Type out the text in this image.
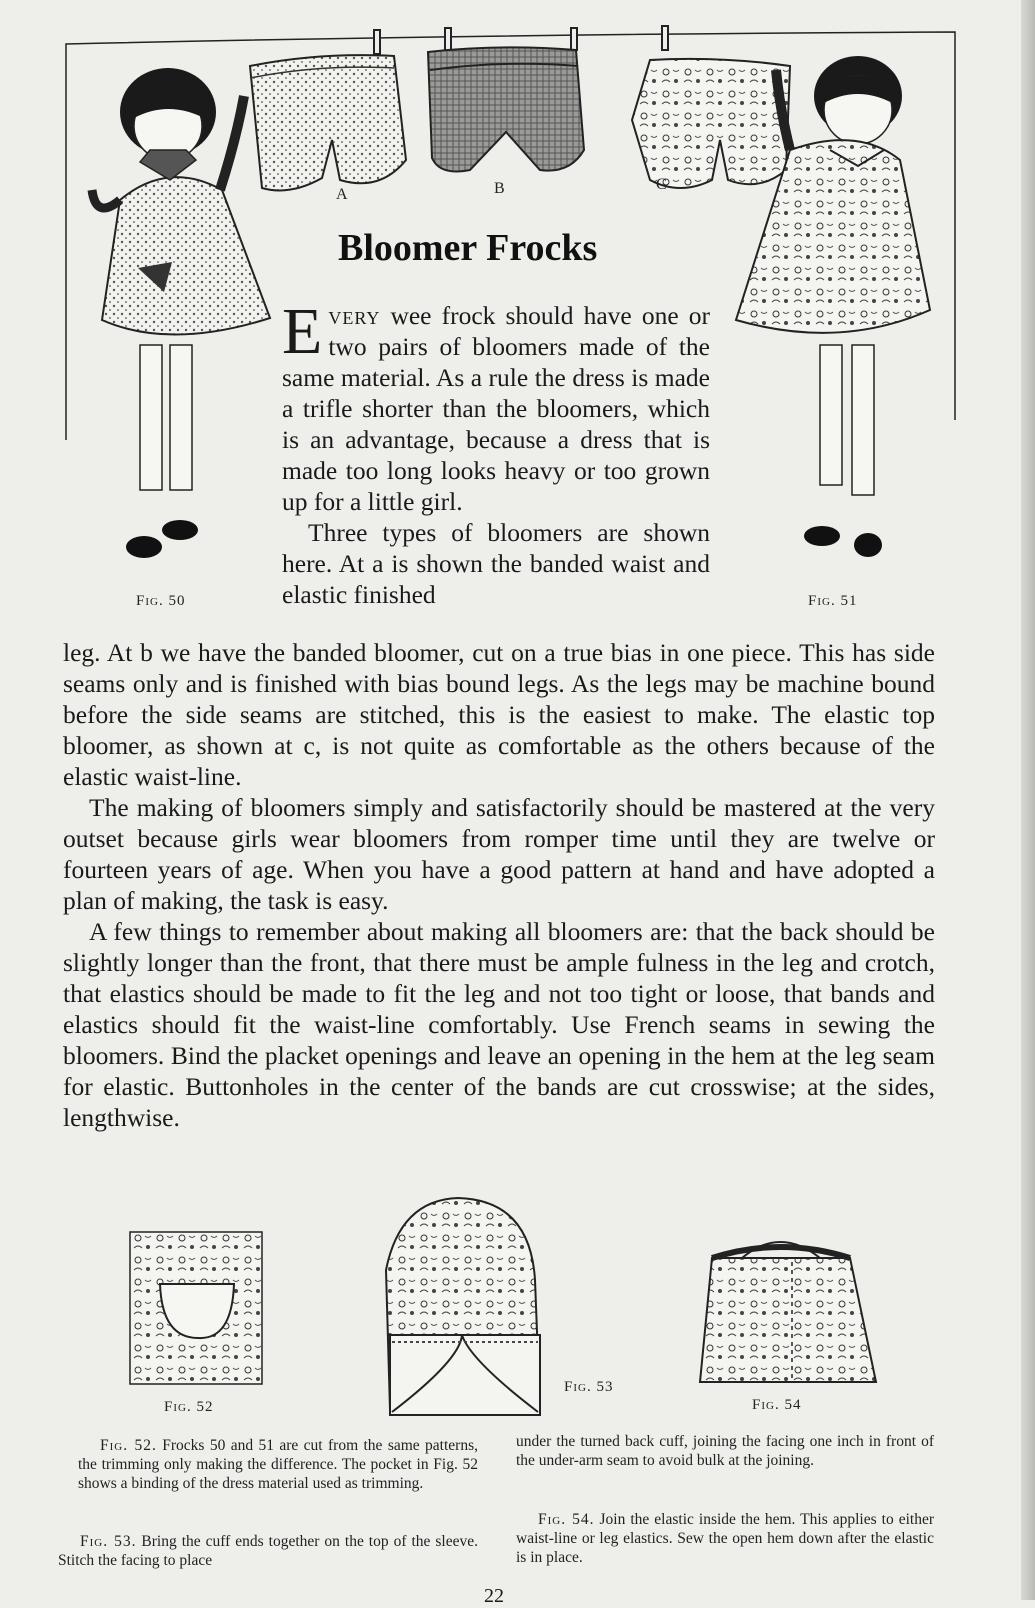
A	B	C
Fig. 50	Fig. 51
Fig. 52
Fig. 53
Fig. 54
Bloomer Frocks
Every wee frock should have one or two pairs of bloomers made of the same material. As a rule the dress is made a trifle shorter than the bloomers, which is an advantage, because a dress that is made too long looks heavy or too grown up for a little girl.

Three types of bloomers are shown here. At a is shown the banded waist and elastic finished

leg. At b we have the banded bloomer, cut on a true bias in one piece. This has side seams only and is finished with bias bound legs. As the legs may be machine bound before the side seams are stitched, this is the easiest to make. The elastic top bloomer, as shown at c, is not quite as comfortable as the others because of the elastic waist-line.

The making of bloomers simply and satisfactorily should be mastered at the very outset because girls wear bloomers from romper time until they are twelve or fourteen years of age. When you have a good pattern at hand and have adopted a plan of making, the task is easy.

A few things to remember about making all bloomers are: that the back should be slightly longer than the front, that there must be ample fulness in the leg and crotch, that elastics should be made to fit the leg and not too tight or loose, that bands and elastics should fit the waist-line comfortably. Use French seams in sewing the bloomers. Bind the placket openings and leave an opening in the hem at the leg seam for elastic. Buttonholes in the center of the bands are cut crosswise; at the sides, lengthwise.

Fig. 52. Frocks 50 and 51 are cut from the same patterns, the trimming only making the difference. The pocket in Fig. 52 shows a binding of the dress material used as trimming.

Fig. 53. Bring the cuff ends together on the top of the sleeve. Stitch the facing to place

under the turned back cuff, joining the facing one inch in front of the under-arm seam to avoid bulk at the joining.

Fig. 54. Join the elastic inside the hem. This applies to either waist-line or leg elastics. Sew the open hem down after the elastic is in place.

22
